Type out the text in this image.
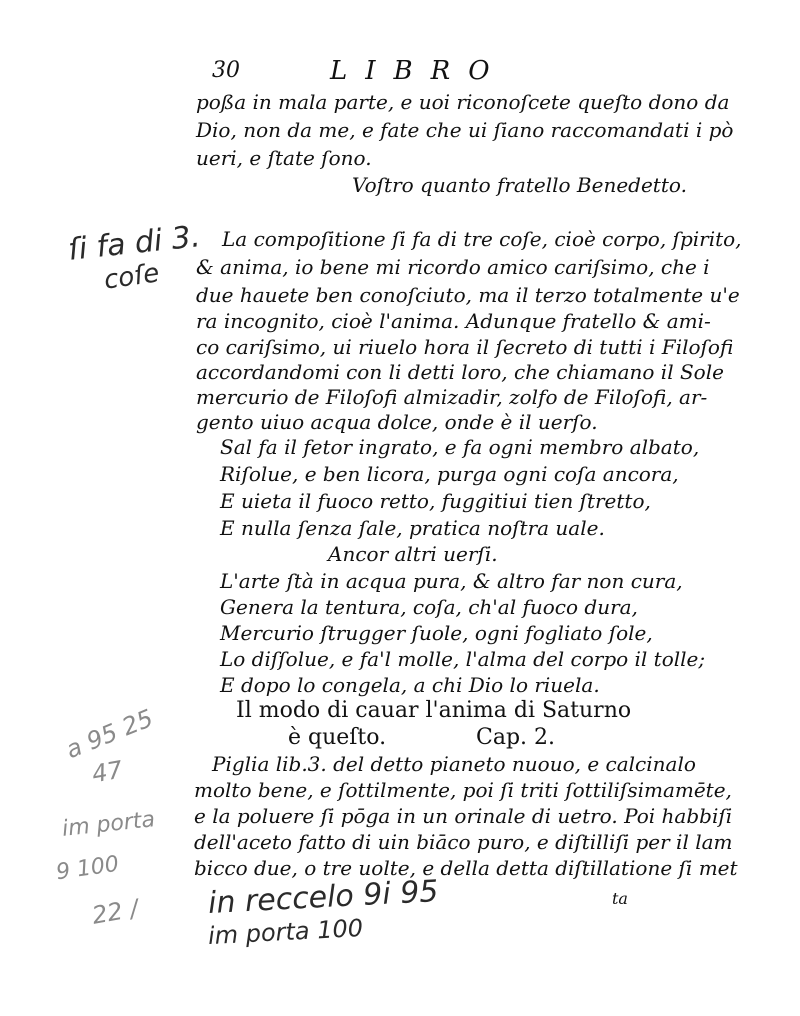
30	LIBRO
poßa in mala parte, e uoi riconoſcete queſto dono da
Dio, non da me, e fate che ui ſiano raccomandati i pò
ueri, e ſtate ſono.
Voſtro quanto fratello Benedetto.
La compoſitione ſi fa di tre coſe, cioè corpo, ſpirito,
& anima, io bene mi ricordo amico cariſsimo, che i
due hauete ben conoſciuto, ma il terzo totalmente u'e
ra incognito, cioè l'anima. Adunque fratello & ami-
co cariſsimo, ui riuelo hora il ſecreto di tutti i Filoſofi
accordandomi con li detti loro, che chiamano il Sole
mercurio de Filoſofi almizadir, zolfo de Filoſofi, ar-
gento uiuo acqua dolce, onde è il uerſo.
Sal fa il fetor ingrato, e fa ogni membro albato,
Riſolue, e ben licora, purga ogni coſa ancora,
E uieta il fuoco retto, fuggitiui tien ſtretto,
E nulla ſenza ſale, pratica noſtra uale.
Ancor altri uerſi.
L'arte ſtà in acqua pura, & altro far non cura,
Genera la tentura, coſa, ch'al fuoco dura,
Mercurio ſtrugger ſuole, ogni fogliato ſole,
Lo diſſolue, e fa'l molle, l'alma del corpo il tolle;
E dopo lo congela, a chi Dio lo riuela.
Il modo di cauar l'anima di Saturno
è queſto.	Cap. 2.
Piglia lib.3. del detto pianeto nuouo, e calcinalo
molto bene, e ſottilmente, poi ſi triti ſottiliſsimamēte,
e la poluere ſi pōga in un orinale di uetro. Poi habbiſi
dell'aceto fatto di uin biāco puro, e diſtilliſi per il lam
bicco due, o tre uolte, e della detta diſtillatione ſi met
ta
ſi fa di 3.
coſe
a 95 25
47
im porta
9 100
22 / in reccelo 9i 95
im porta 100
